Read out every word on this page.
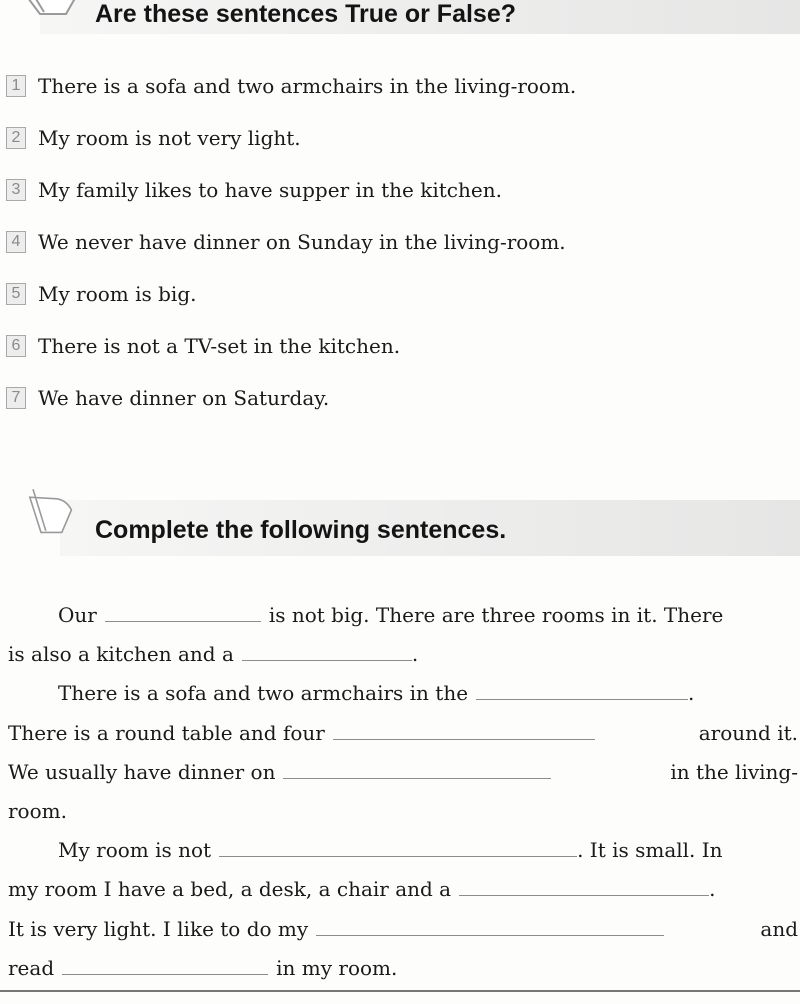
Are these sentences True or False?
1 There is a sofa and two armchairs in the living-room.
2 My room is not very light.
3 My family likes to have supper in the kitchen.
4 We never have dinner on Sunday in the living-room.
5 My room is big.
6 There is not a TV-set in the kitchen.
7 We have dinner on Saturday.
Complete the following sentences.
Our	is not big. There are three rooms in it. There
is also a kitchen and a	.
There is a sofa and two armchairs in the	.
There is a round table and four	around it.
We usually have dinner on	in the living-
room.
My room is not	. It is small. In
my room I have a bed, a desk, a chair and a	.
It is very light. I like to do my	and
read	in my room.
